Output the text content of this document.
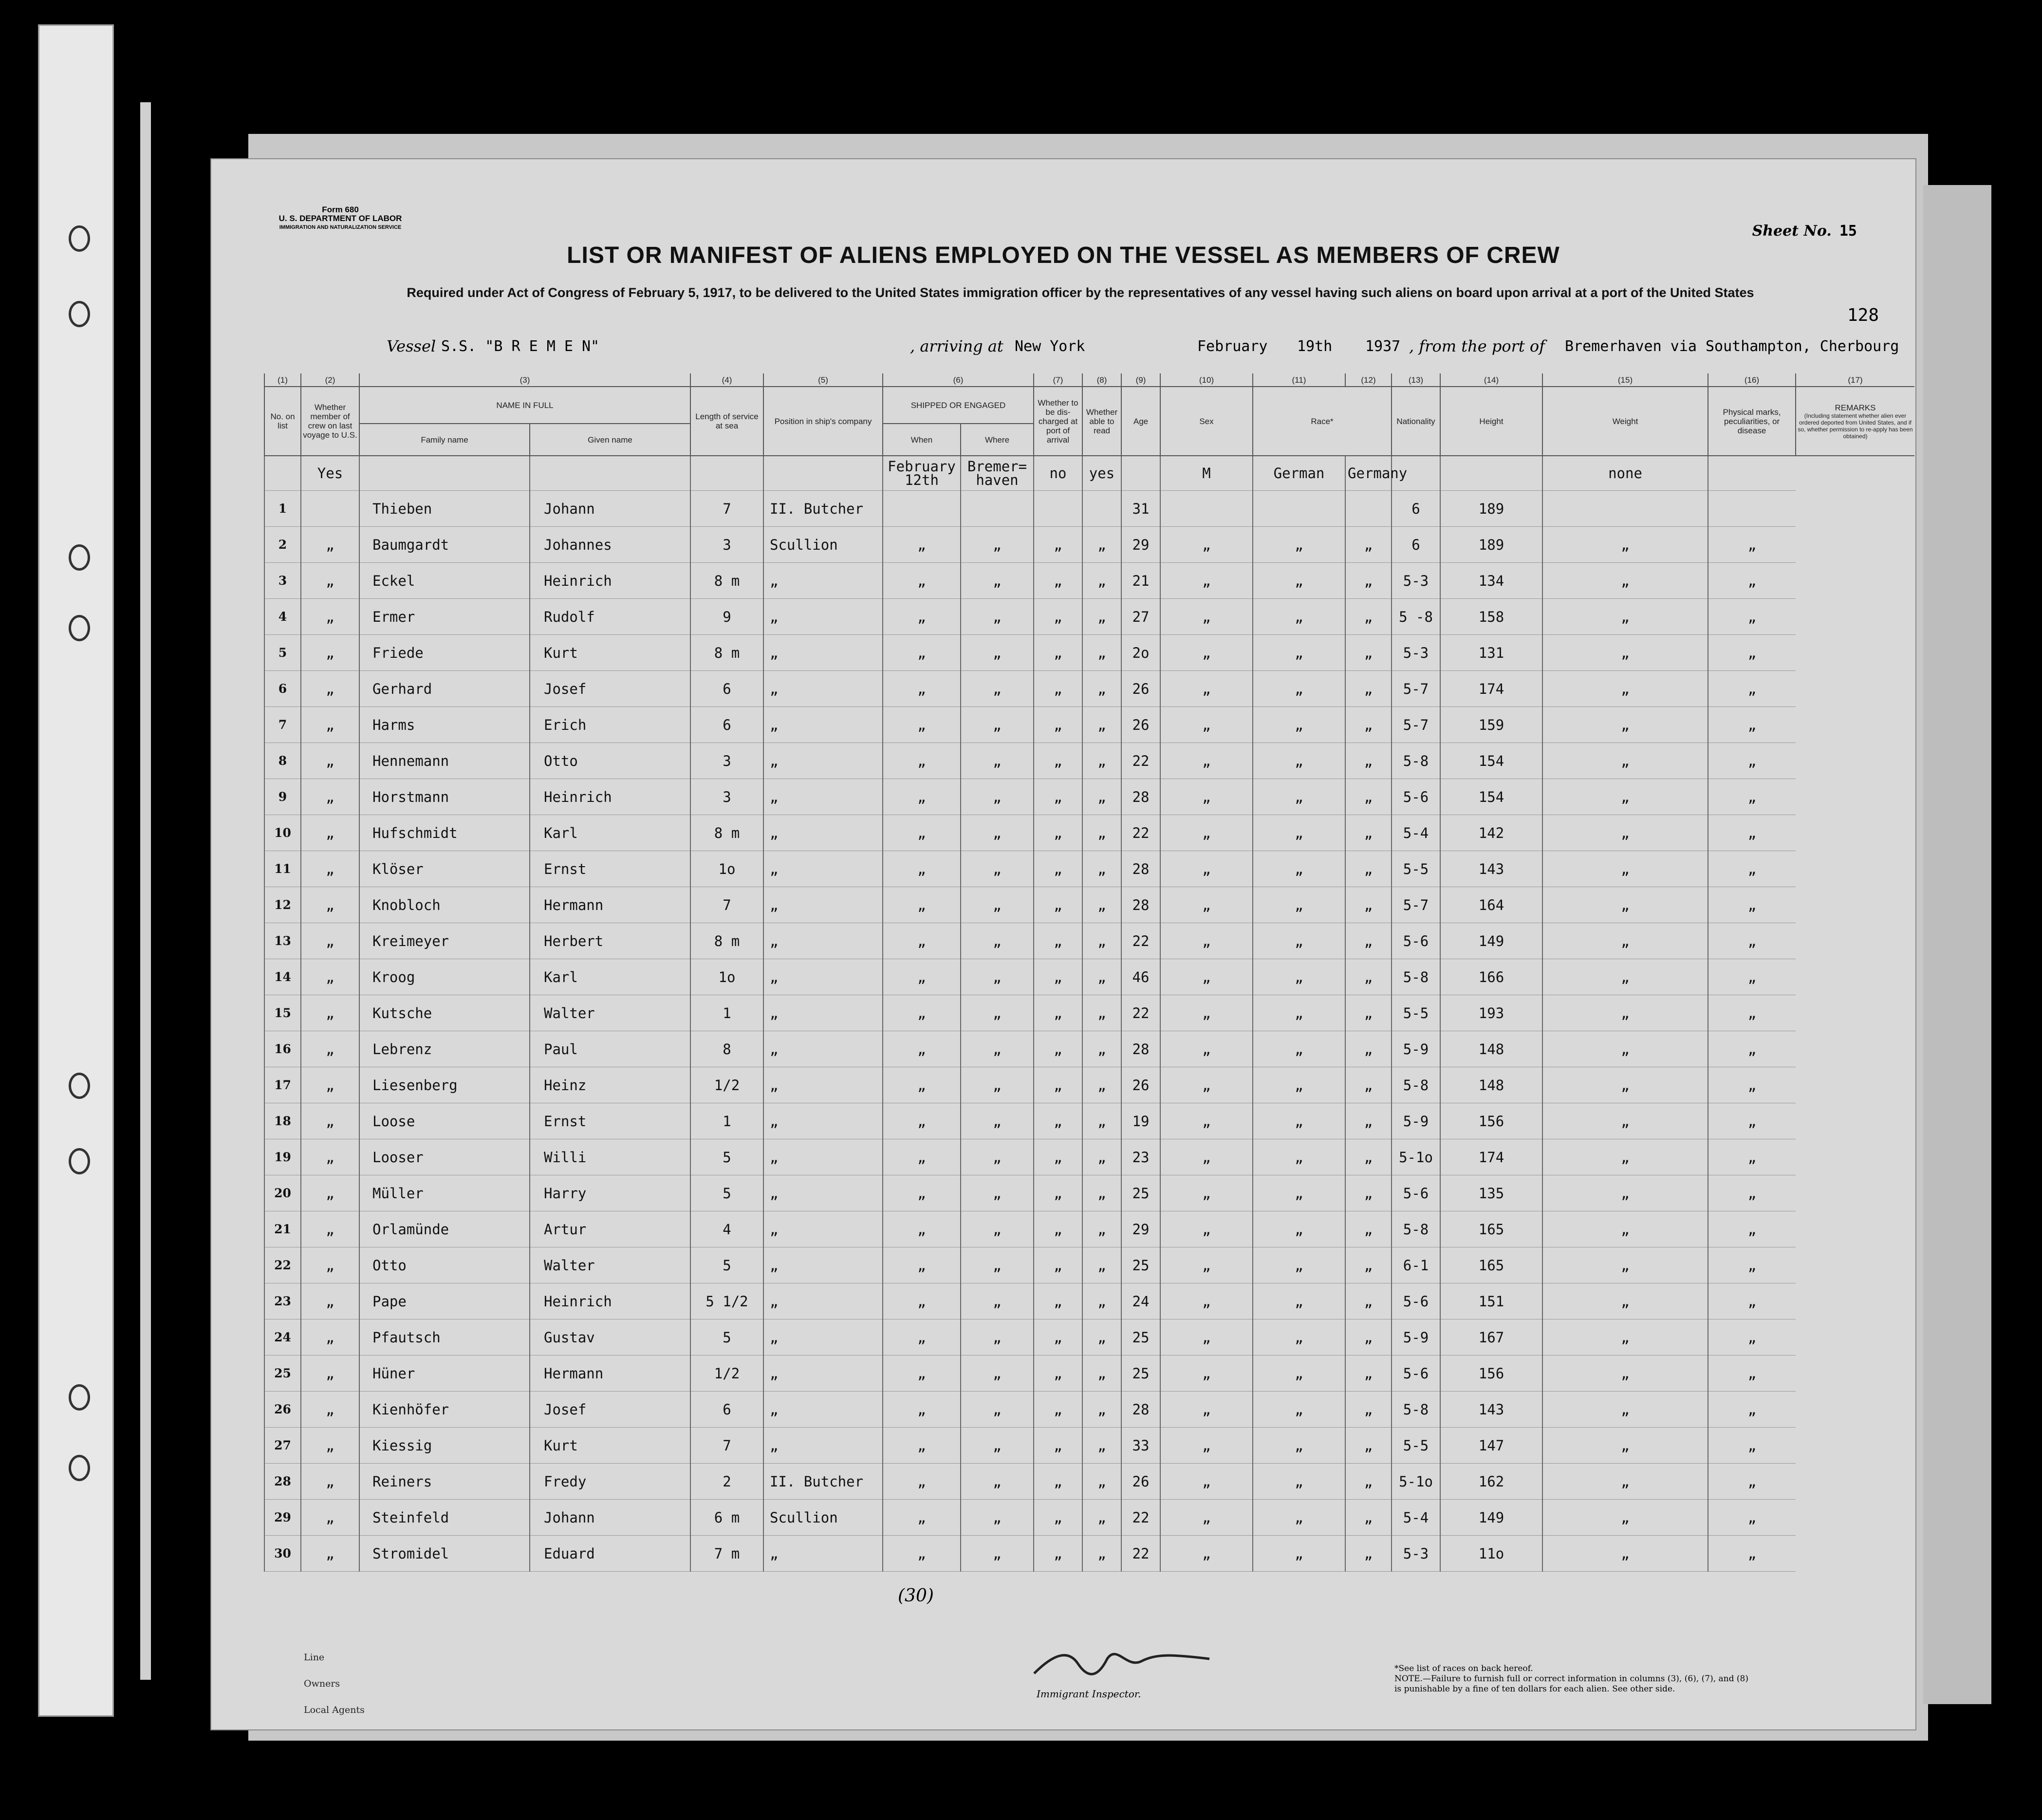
Form 680
U. S. DEPARTMENT OF LABOR
IMMIGRATION AND NATURALIZATION SERVICE
LIST OR MANIFEST OF ALIENS EMPLOYED ON THE VESSEL AS MEMBERS OF CREW
Sheet No. 15
Required under Act of Congress of February 5, 1917, to be delivered to the United States immigration officer by the representatives of any vessel having such aliens on board upon arrival at a port of the United States
128
Vessel S.S. "B R E M E N"	, arriving at New York	February 19th 1937 , from the port of Bremerhaven via Southampton, Cherbourg
(1)	(2)	(3)		(4)	(5)	(6)		(7)	(8)	(9)	(10)	(11)	(12)	(13)	(14)	(15)	(16)	(17)
No. on list	Whether member of crew on last voyage to U.S.	NAME IN FULL		Length of service at sea	Position in ship's company	SHIPPED OR ENGAGED		Whether to be dis-charged at port of arrival	Whether able to read	Age	Sex	Race*		Nationality	Height	Weight	Physical marks, peculiarities, or disease	REMARKS
(Including statement whether alien ever ordered deported from United States, and if so, whether permission to re-apply has been obtained)

		Family name	Given name			When	Where											
	Yes					February 12th	Bremer= haven	no	yes		M	German	Germany			none		
1		Thieben	Johann	7	II. Butcher					31				6	189			
2	„	Baumgardt	Johannes	3	Scullion	„	„	„	„	29	„	„	„	6	189	„	„	
3	„	Eckel	Heinrich	8 m	„	„	„	„	„	21	„	„	„	5-3	134	„	„	
4	„	Ermer	Rudolf	9	„	„	„	„	„	27	„	„	„	5 -8	158	„	„	
5	„	Friede	Kurt	8 m	„	„	„	„	„	2o	„	„	„	5-3	131	„	„	
6	„	Gerhard	Josef	6	„	„	„	„	„	26	„	„	„	5-7	174	„	„	
7	„	Harms	Erich	6	„	„	„	„	„	26	„	„	„	5-7	159	„	„	
8	„	Hennemann	Otto	3	„	„	„	„	„	22	„	„	„	5-8	154	„	„	
9	„	Horstmann	Heinrich	3	„	„	„	„	„	28	„	„	„	5-6	154	„	„	
10	„	Hufschmidt	Karl	8 m	„	„	„	„	„	22	„	„	„	5-4	142	„	„	
11	„	Klöser	Ernst	1o	„	„	„	„	„	28	„	„	„	5-5	143	„	„	
12	„	Knobloch	Hermann	7	„	„	„	„	„	28	„	„	„	5-7	164	„	„	
13	„	Kreimeyer	Herbert	8 m	„	„	„	„	„	22	„	„	„	5-6	149	„	„	
14	„	Kroog	Karl	1o	„	„	„	„	„	46	„	„	„	5-8	166	„	„	
15	„	Kutsche	Walter	1	„	„	„	„	„	22	„	„	„	5-5	193	„	„	
16	„	Lebrenz	Paul	8	„	„	„	„	„	28	„	„	„	5-9	148	„	„	
17	„	Liesenberg	Heinz	1/2	„	„	„	„	„	26	„	„	„	5-8	148	„	„	
18	„	Loose	Ernst	1	„	„	„	„	„	19	„	„	„	5-9	156	„	„	
19	„	Looser	Willi	5	„	„	„	„	„	23	„	„	„	5-1o	174	„	„	
20	„	Müller	Harry	5	„	„	„	„	„	25	„	„	„	5-6	135	„	„	
21	„	Orlamünde	Artur	4	„	„	„	„	„	29	„	„	„	5-8	165	„	„	
22	„	Otto	Walter	5	„	„	„	„	„	25	„	„	„	6-1	165	„	„	
23	„	Pape	Heinrich	5 1/2	„	„	„	„	„	24	„	„	„	5-6	151	„	„	
24	„	Pfautsch	Gustav	5	„	„	„	„	„	25	„	„	„	5-9	167	„	„	
25	„	Hüner	Hermann	1/2	„	„	„	„	„	25	„	„	„	5-6	156	„	„	
26	„	Kienhöfer	Josef	6	„	„	„	„	„	28	„	„	„	5-8	143	„	„	
27	„	Kiessig	Kurt	7	„	„	„	„	„	33	„	„	„	5-5	147	„	„	
28	„	Reiners	Fredy	2	II. Butcher	„	„	„	„	26	„	„	„	5-1o	162	„	„	
29	„	Steinfeld	Johann	6 m	Scullion	„	„	„	„	22	„	„	„	5-4	149	„	„	
30	„	Stromidel	Eduard	7 m	„	„	„	„	„	22	„	„	„	5-3	11o	„	„	
(30)
Line
Owners
Local Agents
Immigrant Inspector.
*See list of races on back hereof.
NOTE.—Failure to furnish full or correct information in columns (3), (6), (7), and (8) is punishable by a fine of ten dollars for each alien. See other side.
